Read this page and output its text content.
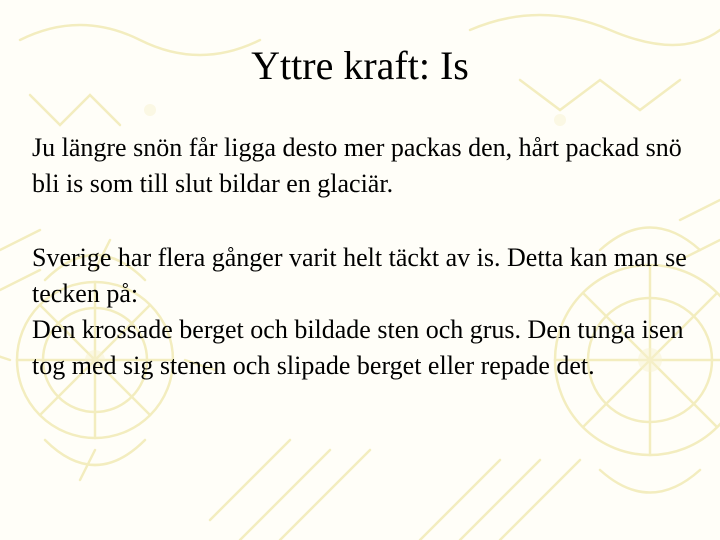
Yttre kraft: Is

Ju längre snön får ligga desto mer packas den, hårt packad snö bli is som till slut bildar en glaciär.

Sverige har flera gånger varit helt täckt av is. Detta kan man se tecken på:

Den krossade berget och bildade sten och grus. Den tunga isen tog med sig stenen och slipade berget eller repade det.
